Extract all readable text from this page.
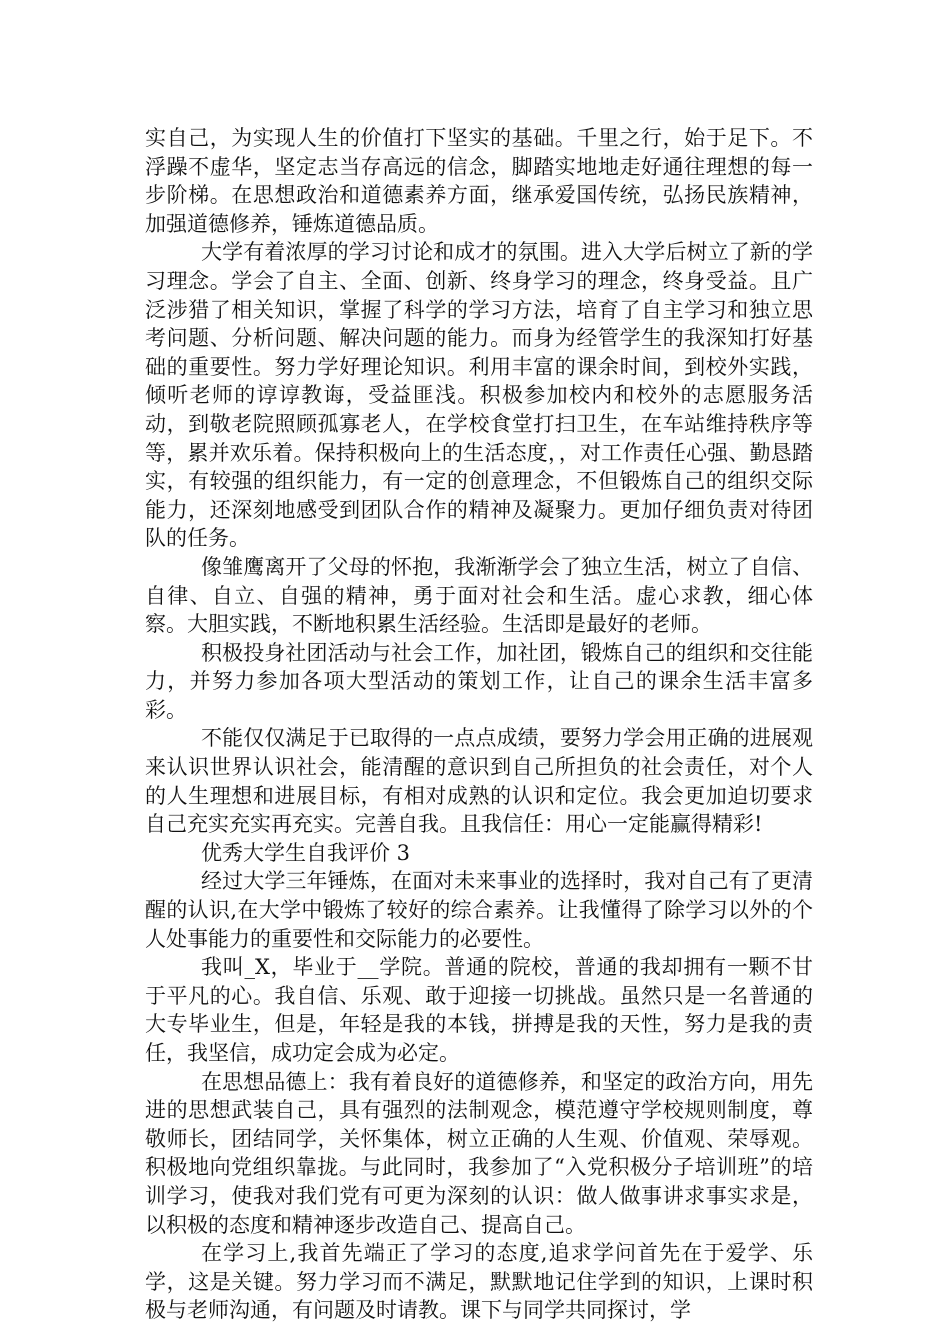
实自己，为实现人生的价值打下坚实的基础。千里之行，始于足下。不浮躁不虚华，坚定志当存高远的信念，脚踏实地地走好通往理想的每一步阶梯。在思想政治和道德素养方面，继承爱国传统，弘扬民族精神，加强道德修养，锤炼道德品质。

大学有着浓厚的学习讨论和成才的氛围。进入大学后树立了新的学习理念。学会了自主、全面、创新、终身学习的理念，终身受益。且广泛涉猎了相关知识，掌握了科学的学习方法，培育了自主学习和独立思考问题、分析问题、解决问题的能力。而身为经管学生的我深知打好基础的重要性。努力学好理论知识。利用丰富的课余时间，到校外实践，倾听老师的谆谆教诲，受益匪浅。积极参加校内和校外的志愿服务活动，到敬老院照顾孤寡老人，在学校食堂打扫卫生，在车站维持秩序等等，累并欢乐着。保持积极向上的生活态度，，对工作责任心强、勤恳踏实，有较强的组织能力，有一定的创意理念，不但锻炼自己的组织交际能力，还深刻地感受到团队合作的精神及凝聚力。更加仔细负责对待团队的任务。

像雏鹰离开了父母的怀抱，我渐渐学会了独立生活，树立了自信、自律、自立、自强的精神，勇于面对社会和生活。虚心求教，细心体察。大胆实践，不断地积累生活经验。生活即是最好的老师。

积极投身社团活动与社会工作，加社团，锻炼自己的组织和交往能力，并努力参加各项大型活动的策划工作，让自己的课余生活丰富多彩。

不能仅仅满足于已取得的一点点成绩，要努力学会用正确的进展观来认识世界认识社会，能清醒的意识到自己所担负的社会责任，对个人的人生理想和进展目标，有相对成熟的认识和定位。我会更加迫切要求自己充实充实再充实。完善自我。且我信任：用心一定能赢得精彩!

优秀大学生自我评价 3

经过大学三年锤炼，在面对未来事业的选择时，我对自己有了更清醒的认识,在大学中锻炼了较好的综合素养。让我懂得了除学习以外的个人处事能力的重要性和交际能力的必要性。

我叫_X，毕业于__学院。普通的院校，普通的我却拥有一颗不甘于平凡的心。我自信、乐观、敢于迎接一切挑战。虽然只是一名普通的大专毕业生，但是，年轻是我的本钱，拼搏是我的天性，努力是我的责任，我坚信，成功定会成为必定。

在思想品德上：我有着良好的道德修养，和坚定的政治方向，用先进的思想武装自己，具有强烈的法制观念，模范遵守学校规则制度，尊敬师长，团结同学，关怀集体，树立正确的人生观、价值观、荣辱观。积极地向党组织靠拢。与此同时，我参加了“入党积极分子培训班”的培训学习，使我对我们党有可更为深刻的认识：做人做事讲求事实求是，以积极的态度和精神逐步改造自己、提高自己。

在学习上,我首先端正了学习的态度,追求学问首先在于爱学、乐学，这是关键。努力学习而不满足，默默地记住学到的知识，上课时积极与老师沟通，有问题及时请教。课下与同学共同探讨，学
